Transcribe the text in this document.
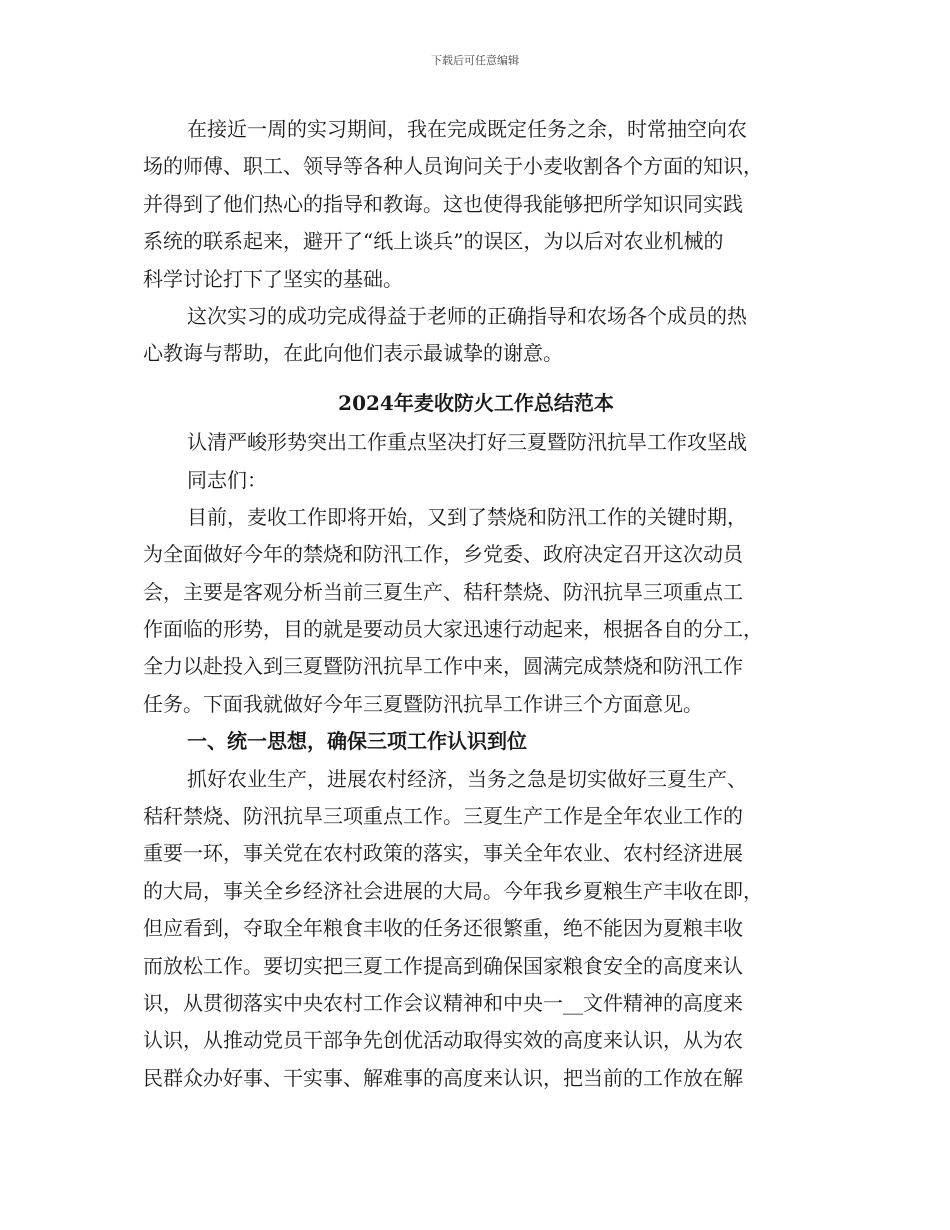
下载后可任意编辑
在接近一周的实习期间，我在完成既定任务之余，时常抽空向农
场的师傅、职工、领导等各种人员询问关于小麦收割各个方面的知识，
并得到了他们热心的指导和教诲。这也使得我能够把所学知识同实践
系统的联系起来，避开了“纸上谈兵”的误区，为以后对农业机械的
科学讨论打下了坚实的基础。
这次实习的成功完成得益于老师的正确指导和农场各个成员的热
心教诲与帮助，在此向他们表示最诚挚的谢意。
2024年麦收防火工作总结范本
认清严峻形势突出工作重点坚决打好三夏暨防汛抗旱工作攻坚战
同志们：
目前，麦收工作即将开始，又到了禁烧和防汛工作的关键时期，
为全面做好今年的禁烧和防汛工作，乡党委、政府决定召开这次动员
会，主要是客观分析当前三夏生产、秸秆禁烧、防汛抗旱三项重点工
作面临的形势，目的就是要动员大家迅速行动起来，根据各自的分工，
全力以赴投入到三夏暨防汛抗旱工作中来，圆满完成禁烧和防汛工作
任务。下面我就做好今年三夏暨防汛抗旱工作讲三个方面意见。
一、统一思想，确保三项工作认识到位
抓好农业生产，进展农村经济，当务之急是切实做好三夏生产、
秸秆禁烧、防汛抗旱三项重点工作。三夏生产工作是全年农业工作的
重要一环，事关党在农村政策的落实，事关全年农业、农村经济进展
的大局，事关全乡经济社会进展的大局。今年我乡夏粮生产丰收在即，
但应看到，夺取全年粮食丰收的任务还很繁重，绝不能因为夏粮丰收
而放松工作。要切实把三夏工作提高到确保国家粮食安全的高度来认
识，从贯彻落实中央农村工作会议精神和中央一__文件精神的高度来
认识，从推动党员干部争先创优活动取得实效的高度来认识，从为农
民群众办好事、干实事、解难事的高度来认识，把当前的工作放在解
